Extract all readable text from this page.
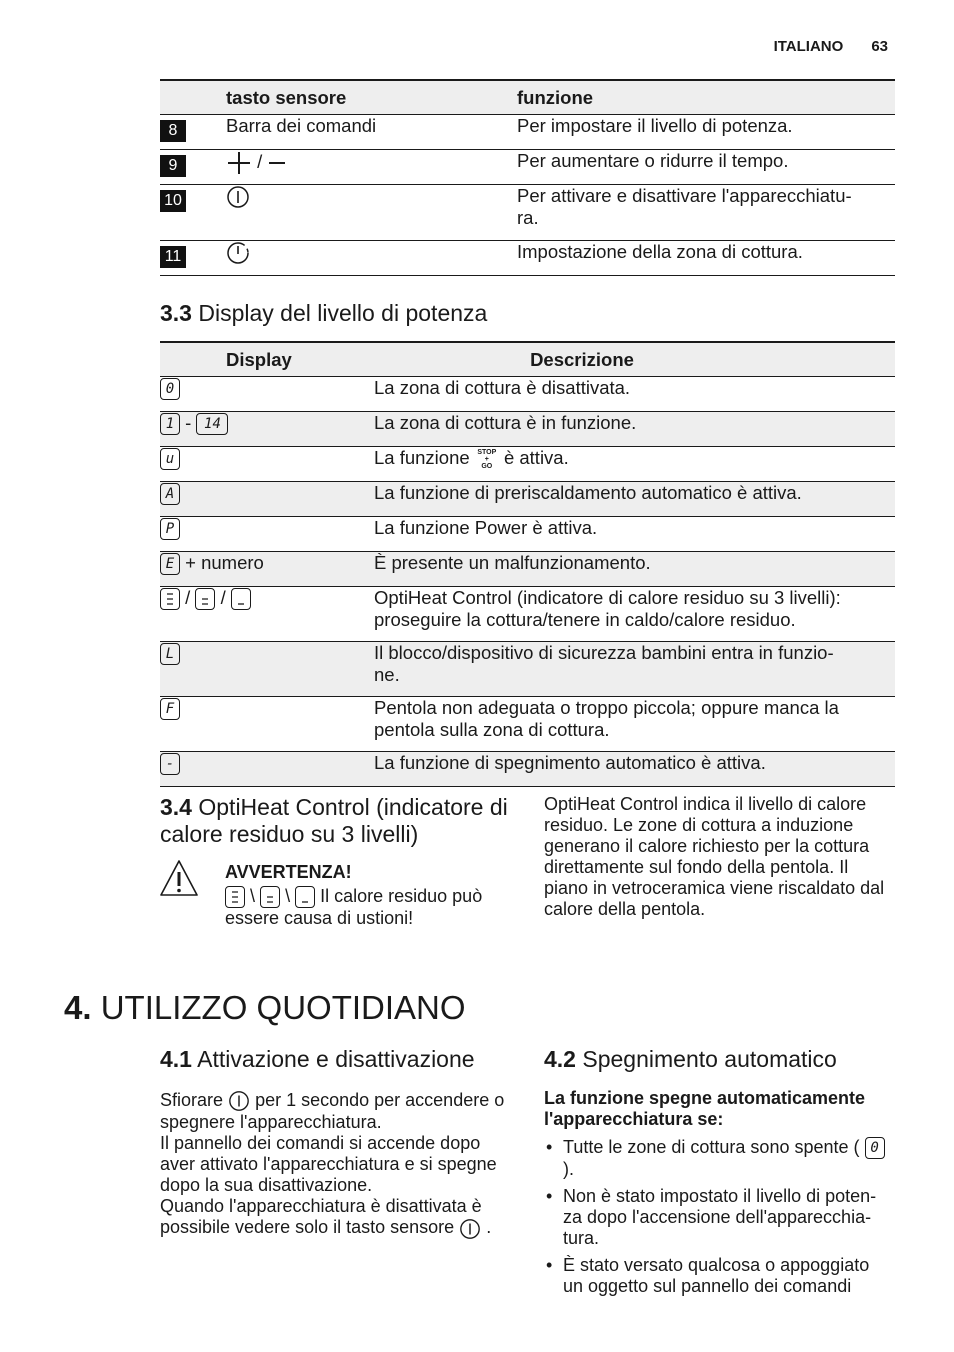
ITALIANO 63
	tasto sensore	funzione
8	Barra dei comandi	Per impostare il livello di potenza.
9	/	Per aumentare o ridurre il tempo.
10		Per attivare e disattivare l'apparecchiatu-
ra.
11		Impostazione della zona di cottura.
3.3 Display del livello di potenza
Display	Descrizione
0	La zona di cottura è disattivata.
1 - 14	La zona di cottura è in funzione.
u	La funzione STOP
+
GO è attiva.
A	La funzione di preriscaldamento automatico è attiva.
P	La funzione Power è attiva.
E + numero	È presente un malfunzionamento.

/ /	OptiHeat Control (indicatore di calore residuo su 3 livelli): proseguire la cottura/tenere in caldo/calore residuo.
L	Il blocco/dispositivo di sicurezza bambini entra in funzio-
ne.
F	Pentola non adeguata o troppo piccola; oppure manca la pentola sulla zona di cottura.
-	La funzione di spegnimento automatico è attiva.
3.4 OptiHeat Control (indicatore di calore residuo su 3 livelli)
AVVERTENZA!
\ \ Il calore residuo può essere causa di ustioni!
OptiHeat Control indica il livello di calore residuo. Le zone di cottura a induzione generano il calore richiesto per la cottura direttamente sul fondo della pentola. Il piano in vetroceramica viene riscaldato dal calore della pentola.
4. UTILIZZO QUOTIDIANO
4.1 Attivazione e disattivazione
Sfiorare per 1 secondo per accendere o spegnere l'apparecchiatura.
Il pannello dei comandi si accende dopo aver attivato l'apparecchiatura e si spegne dopo la sua disattivazione.
Quando l'apparecchiatura è disattivata è possibile vedere solo il tasto sensore .
4.2 Spegnimento automatico
La funzione spegne automaticamente l'apparecchiatura se:
• Tutte le zone di cottura sono spente ( 0).
• Non è stato impostato il livello di poten-
za dopo l'accensione dell'apparecchia-
tura.
• È stato versato qualcosa o appoggiato un oggetto sul pannello dei comandi
